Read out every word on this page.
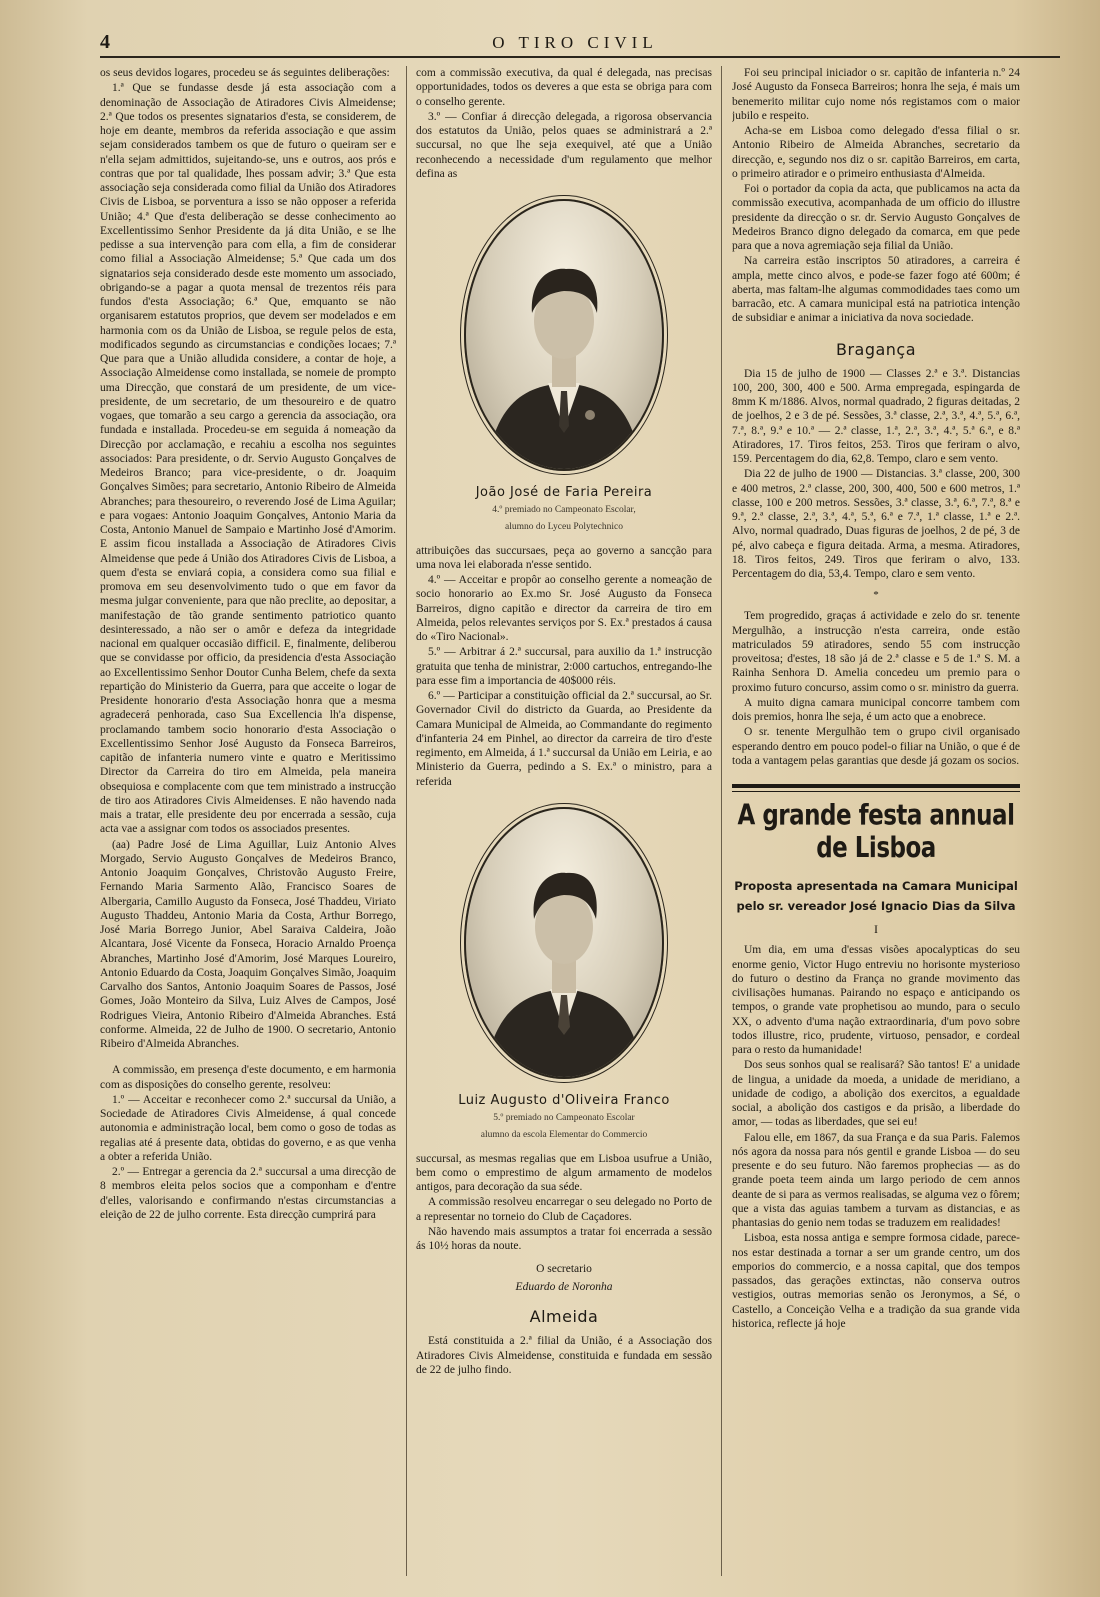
4	O TIRO CIVIL

os seus devidos logares, procedeu se ás seguintes deliberações:

1.ª Que se fundasse desde já esta associação com a denominação de Associação de Atiradores Civis Almeidense; 2.ª Que todos os presentes signatarios d'esta, se considerem, de hoje em deante, membros da referida associação e que assim sejam considerados tambem os que de futuro o queiram ser e n'ella sejam admittidos, sujeitando-se, uns e outros, aos prós e contras que por tal qualidade, lhes possam advir; 3.ª Que esta associação seja considerada como filial da União dos Atiradores Civis de Lisboa, se porventura a isso se não opposer a referida União; 4.ª Que d'esta deliberação se desse conhecimento ao Excellentissimo Senhor Presidente da já dita União, e se lhe pedisse a sua intervenção para com ella, a fim de considerar como filial a Associação Almeidense; 5.ª Que cada um dos signatarios seja considerado desde este momento um associado, obrigando-se a pagar a quota mensal de trezentos réis para fundos d'esta Associação; 6.ª Que, emquanto se não organisarem estatutos proprios, que devem ser modelados e em harmonia com os da União de Lisboa, se regule pelos de esta, modificados segundo as circumstancias e condições locaes; 7.ª Que para que a União alludida considere, a contar de hoje, a Associação Almeidense como installada, se nomeie de prompto uma Direcção, que constará de um presidente, de um vice-presidente, de um secretario, de um thesoureiro e de quatro vogaes, que tomarão a seu cargo a gerencia da associação, ora fundada e installada. Procedeu-se em seguida á nomeação da Direcção por acclamação, e recahiu a escolha nos seguintes associados: Para presidente, o dr. Servio Augusto Gonçalves de Medeiros Branco; para vice-presidente, o dr. Joaquim Gonçalves Simões; para secretario, Antonio Ribeiro de Almeida Abranches; para thesoureiro, o reverendo José de Lima Aguilar; e para vogaes: Antonio Joaquim Gonçalves, Antonio Maria da Costa, Antonio Manuel de Sampaio e Martinho José d'Amorim. E assim ficou installada a Associação de Atiradores Civis Almeidense que pede á União dos Atiradores Civis de Lisboa, a quem d'esta se enviará copia, a considera como sua filial e promova em seu desenvolvimento tudo o que em favor da mesma julgar conveniente, para que não preclite, ao depositar, a manifestação de tão grande sentimento patriotico quanto desinteressado, a não ser o amôr e defeza da integridade nacional em qualquer occasião difficil. E, finalmente, deliberou que se convidasse por officio, da presidencia d'esta Associação ao Excellentissimo Senhor Doutor Cunha Belem, chefe da sexta repartição do Ministerio da Guerra, para que acceite o logar de Presidente honorario d'esta Associação honra que a mesma agradecerá penhorada, caso Sua Excellencia lh'a dispense, proclamando tambem socio honorario d'esta Associação o Excellentissimo Senhor José Augusto da Fonseca Barreiros, capitão de infanteria numero vinte e quatro e Meritissimo Director da Carreira do tiro em Almeida, pela maneira obsequiosa e complacente com que tem ministrado a instrucção de tiro aos Atiradores Civis Almeidenses. E não havendo nada mais a tratar, elle presidente deu por encerrada a sessão, cuja acta vae a assignar com todos os associados presentes.

(aa) Padre José de Lima Aguillar, Luiz Antonio Alves Morgado, Servio Augusto Gonçalves de Medeiros Branco, Antonio Joaquim Gonçalves, Christovão Augusto Freire, Fernando Maria Sarmento Alão, Francisco Soares de Albergaria, Camillo Augusto da Fonseca, José Thaddeu, Viriato Augusto Thaddeu, Antonio Maria da Costa, Arthur Borrego, José Maria Borrego Junior, Abel Saraiva Caldeira, João Alcantara, José Vicente da Fonseca, Horacio Arnaldo Proença Abranches, Martinho José d'Amorim, José Marques Loureiro, Antonio Eduardo da Costa, Joaquim Gonçalves Simão, Joaquim Carvalho dos Santos, Antonio Joaquim Soares de Passos, José Gomes, João Monteiro da Silva, Luiz Alves de Campos, José Rodrigues Vieira, Antonio Ribeiro d'Almeida Abranches. Está conforme. Almeida, 22 de Julho de 1900. O secretario, Antonio Ribeiro d'Almeida Abranches.

A commissão, em presença d'este documento, e em harmonia com as disposições do conselho gerente, resolveu:

1.º — Acceitar e reconhecer como 2.ª succursal da União, a Sociedade de Atiradores Civis Almeidense, á qual concede autonomia e administração local, bem como o goso de todas as regalias até á presente data, obtidas do governo, e as que venha a obter a referida União.

2.º — Entregar a gerencia da 2.ª succursal a uma direcção de 8 membros eleita pelos socios que a componham e d'entre d'elles, valorisando e confirmando n'estas circumstancias a eleição de 22 de julho corrente. Esta direcção cumprirá para

com a commissão executiva, da qual é delegada, nas precisas opportunidades, todos os deveres a que esta se obriga para com o conselho gerente.

3.º — Confiar á direcção delegada, a rigorosa observancia dos estatutos da União, pelos quaes se administrará a 2.ª succursal, no que lhe seja exequivel, até que a União reconhecendo a necessidade d'um regulamento que melhor defina as

João José de Faria Pereira
4.º premiado no Campeonato Escolar,
alumno do Lyceu Polytechnico

attribuições das succursaes, peça ao governo a sancção para uma nova lei elaborada n'esse sentido.

4.º — Acceitar e propôr ao conselho gerente a nomeação de socio honorario ao Ex.mo Sr. José Augusto da Fonseca Barreiros, digno capitão e director da carreira de tiro em Almeida, pelos relevantes serviços por S. Ex.ª prestados á causa do «Tiro Nacional».

5.º — Arbitrar á 2.ª succursal, para auxilio da 1.ª instrucção gratuita que tenha de ministrar, 2:000 cartuchos, entregando-lhe para esse fim a importancia de 40$000 réis.

6.º — Participar a constituição official da 2.ª succursal, ao Sr. Governador Civil do districto da Guarda, ao Presidente da Camara Municipal de Almeida, ao Commandante do regimento d'infanteria 24 em Pinhel, ao director da carreira de tiro d'este regimento, em Almeida, á 1.ª succursal da União em Leiria, e ao Ministerio da Guerra, pedindo a S. Ex.ª o ministro, para a referida

Luiz Augusto d'Oliveira Franco
5.º premiado no Campeonato Escolar
alumno da escola Elementar do Commercio

succursal, as mesmas regalias que em Lisboa usufrue a União, bem como o emprestimo de algum armamento de modelos antigos, para decoração da sua séde.

A commissão resolveu encarregar o seu delegado no Porto de a representar no torneio do Club de Caçadores.

Não havendo mais assumptos a tratar foi encerrada a sessão ás 10½ horas da noute.

O secretario
Eduardo de Noronha
Almeida

Está constituida a 2.ª filial da União, é a Associação dos Atiradores Civis Almeidense, constituida e fundada em sessão de 22 de julho findo.

Foi seu principal iniciador o sr. capitão de infanteria n.º 24 José Augusto da Fonseca Barreiros; honra lhe seja, é mais um benemerito militar cujo nome nós registamos com o maior jubilo e respeito.

Acha-se em Lisboa como delegado d'essa filial o sr. Antonio Ribeiro de Almeida Abranches, secretario da direcção, e, segundo nos diz o sr. capitão Barreiros, em carta, o primeiro atirador e o primeiro enthusiasta d'Almeida.

Foi o portador da copia da acta, que publicamos na acta da commissão executiva, acompanhada de um officio do illustre presidente da direcção o sr. dr. Servio Augusto Gonçalves de Medeiros Branco digno delegado da comarca, em que pede para que a nova agremiação seja filial da União.

Na carreira estão inscriptos 50 atiradores, a carreira é ampla, mette cinco alvos, e pode-se fazer fogo até 600m; é aberta, mas faltam-lhe algumas commodidades taes como um barracão, etc. A camara municipal está na patriotica intenção de subsidiar e animar a iniciativa da nova sociedade.

Bragança

Dia 15 de julho de 1900 — Classes 2.ª e 3.ª. Distancias 100, 200, 300, 400 e 500. Arma empregada, espingarda de 8mm K m/1886. Alvos, normal quadrado, 2 figuras deitadas, 2 de joelhos, 2 e 3 de pé. Sessões, 3.ª classe, 2.ª, 3.ª, 4.ª, 5.ª, 6.ª, 7.ª, 8.ª, 9.ª e 10.ª — 2.ª classe, 1.ª, 2.ª, 3.ª, 4.ª, 5.ª 6.ª, e 8.ª Atiradores, 17. Tiros feitos, 253. Tiros que feriram o alvo, 159. Percentagem do dia, 62,8. Tempo, claro e sem vento.

Dia 22 de julho de 1900 — Distancias. 3.ª classe, 200, 300 e 400 metros, 2.ª classe, 200, 300, 400, 500 e 600 metros, 1.ª classe, 100 e 200 metros. Sessões, 3.ª classe, 3.ª, 6.ª, 7.ª, 8.ª e 9.ª, 2.ª classe, 2.ª, 3.ª, 4.ª, 5.ª, 6.ª e 7.ª, 1.ª classe, 1.ª e 2.ª. Alvo, normal quadrado, Duas figuras de joelhos, 2 de pé, 3 de pé, alvo cabeça e figura deitada. Arma, a mesma. Atiradores, 18. Tiros feitos, 249. Tiros que feriram o alvo, 133. Percentagem do dia, 53,4. Tempo, claro e sem vento.

*

Tem progredido, graças á actividade e zelo do sr. tenente Mergulhão, a instrucção n'esta carreira, onde estão matriculados 59 atiradores, sendo 55 com instrucção proveitosa; d'estes, 18 são já de 2.ª classe e 5 de 1.ª S. M. a Rainha Senhora D. Amelia concedeu um premio para o proximo futuro concurso, assim como o sr. ministro da guerra.

A muito digna camara municipal concorre tambem com dois premios, honra lhe seja, é um acto que a enobrece.

O sr. tenente Mergulhão tem o grupo civil organisado esperando dentro em pouco podel-o filiar na União, o que é de toda a vantagem pelas garantias que desde já gozam os socios.

A grande festa annual de Lisboa
Proposta apresentada na Camara Municipal
pelo sr. vereador José Ignacio Dias da Silva
I

Um dia, em uma d'essas visões apocalypticas do seu enorme genio, Victor Hugo entreviu no horisonte mysterioso do futuro o destino da França no grande movimento das civilisações humanas. Pairando no espaço e anticipando os tempos, o grande vate prophetisou ao mundo, para o seculo XX, o advento d'uma nação extraordinaria, d'um povo sobre todos illustre, rico, prudente, virtuoso, pensador, e cordeal para o resto da humanidade!

Dos seus sonhos qual se realisará? São tantos! E' a unidade de lingua, a unidade da moeda, a unidade de meridiano, a unidade de codigo, a abolição dos exercitos, a egualdade social, a abolição dos castigos e da prisão, a liberdade do amor, — todas as liberdades, que sei eu!

Falou elle, em 1867, da sua França e da sua Paris. Falemos nós agora da nossa para nós gentil e grande Lisboa — do seu presente e do seu futuro. Não faremos prophecias — as do grande poeta teem ainda um largo periodo de cem annos deante de si para as vermos realisadas, se alguma vez o fôrem; que a vista das aguias tambem a turvam as distancias, e as phantasias do genio nem todas se traduzem em realidades!

Lisboa, esta nossa antiga e sempre formosa cidade, parece-nos estar destinada a tornar a ser um grande centro, um dos emporios do commercio, e a nossa capital, que dos tempos passados, das gerações extinctas, não conserva outros vestigios, outras memorias senão os Jeronymos, a Sé, o Castello, a Conceição Velha e a tradição da sua grande vida historica, reflecte já hoje
